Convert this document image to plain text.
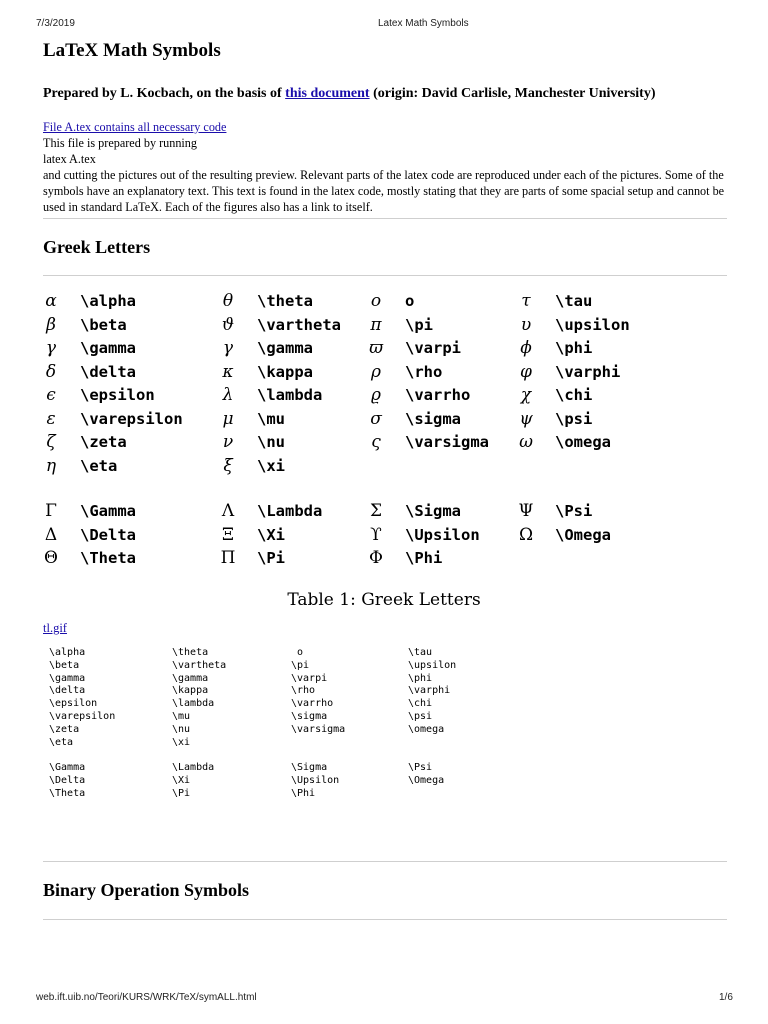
7/3/2019	Latex Math Symbols
LaTeX Math Symbols

Prepared by L. Kocbach, on the basis of this document (origin: David Carlisle, Manchester University)

File A.tex contains all necessary code

This file is prepared by running

latex A.tex

and cutting the pictures out of the resulting preview. Relevant parts of the latex code are reproduced under each of the pictures. Some of the symbols have an explanatory text. This text is found in the latex code, mostly stating that they are parts of some spacial setup and cannot be used in standard LaTeX. Each of the figures also has a link to itself.

Greek Letters
α \alpha
β \beta
γ \gamma
δ \delta
ϵ \epsilon
ε \varepsilon
ζ \zeta
η \eta
θ \theta
ϑ \vartheta
γ \gamma
κ \kappa
λ \lambda
μ \mu
ν \nu
ξ \xi
o o
π \pi
ϖ \varpi
ρ \rho
ϱ \varrho
σ \sigma
ς \varsigma
τ \tau
υ \upsilon
ϕ \phi
φ \varphi
χ \chi
ψ \psi
ω \omega
Γ \Gamma
Δ \Delta
Θ \Theta
Λ \Lambda
Ξ \Xi
Π \Pi
Σ \Sigma
ϒ \Upsilon
Φ \Phi
Ψ \Psi
Ω \Omega
Table 1: Greek Letters
tl.gif
\alpha
\beta
\gamma
\delta
\epsilon
\varepsilon
\zeta
\eta
\Gamma
\Delta
\Theta
\theta
\vartheta
\gamma
\kappa
\lambda
\mu
\nu
\xi
\Lambda
\Xi
\Pi
o
\pi
\varpi
\rho
\varrho
\sigma
\varsigma
\Sigma
\Upsilon
\Phi
\tau
\upsilon
\phi
\varphi
\chi
\psi
\omega
\Psi
\Omega
Binary Operation Symbols
web.ift.uib.no/Teori/KURS/WRK/TeX/symALL.html	1/6
